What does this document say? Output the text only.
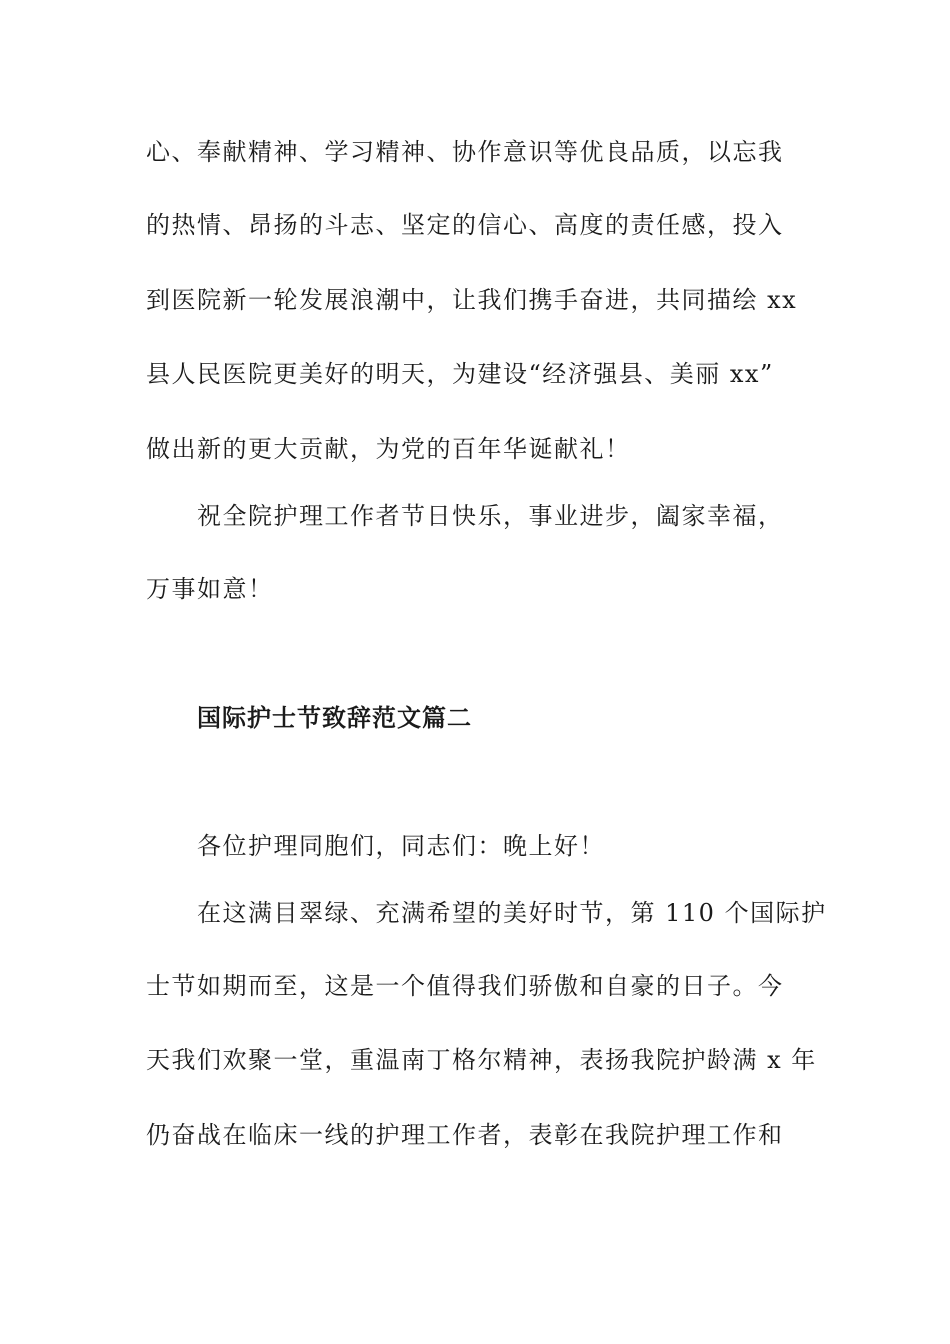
心、奉献精神、学习精神、协作意识等优良品质，以忘我
的热情、昂扬的斗志、坚定的信心、高度的责任感，投入
到医院新一轮发展浪潮中，让我们携手奋进，共同描绘 xx
县人民医院更美好的明天，为建设“经济强县、美丽 xx”
做出新的更大贡献，为党的百年华诞献礼！
祝全院护理工作者节日快乐，事业进步，阖家幸福，
万事如意！
国际护士节致辞范文篇二
各位护理同胞们，同志们：晚上好！
在这满目翠绿、充满希望的美好时节，第 110 个国际护
士节如期而至，这是一个值得我们骄傲和自豪的日子。今
天我们欢聚一堂，重温南丁格尔精神，表扬我院护龄满 x 年
仍奋战在临床一线的护理工作者，表彰在我院护理工作和
